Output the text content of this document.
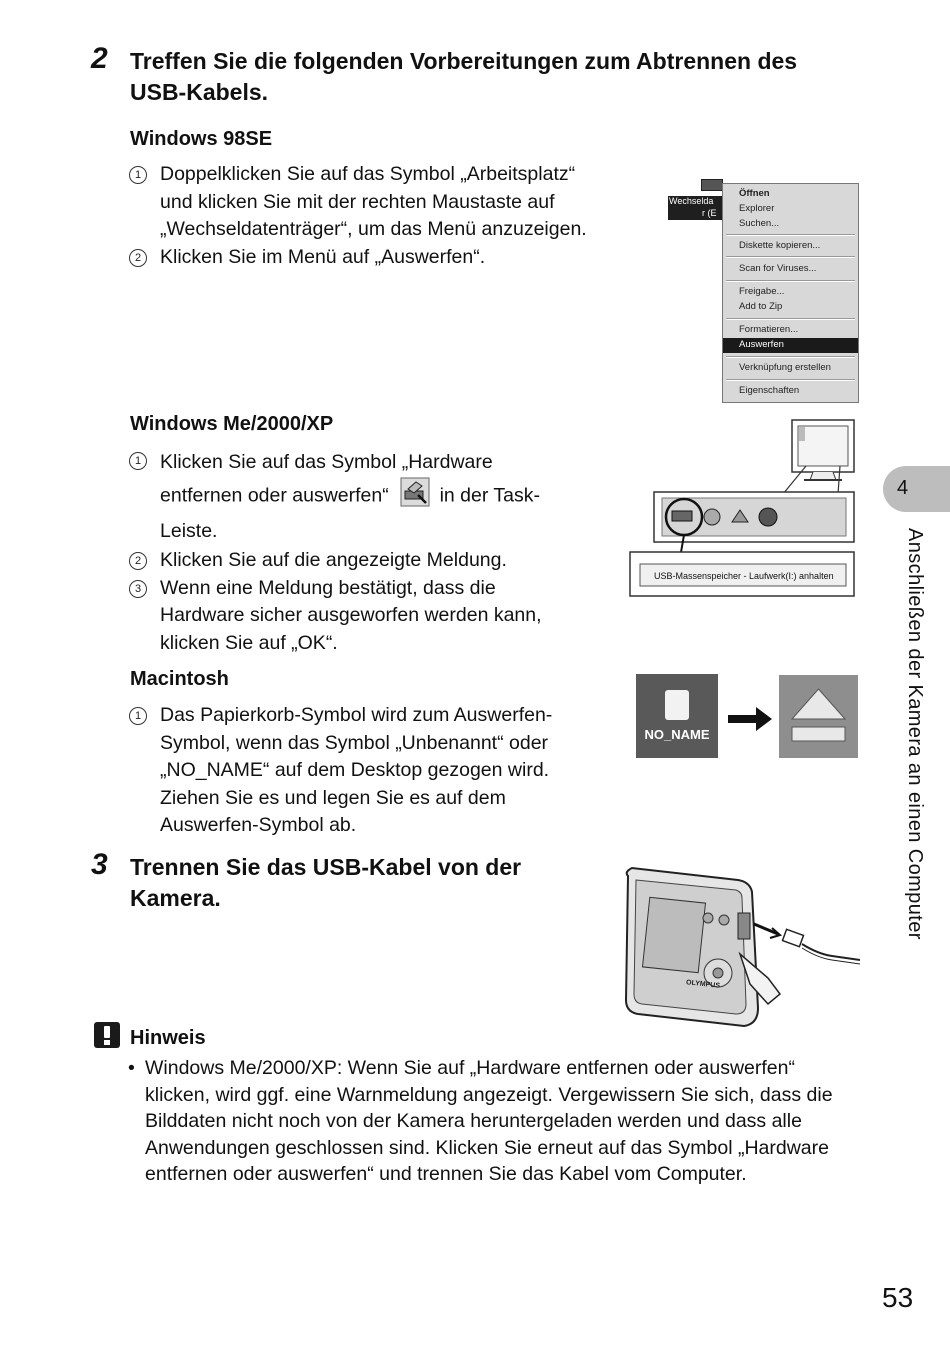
2 Treffen Sie die folgenden Vorbereitungen zum Abtrennen des
USB-Kabels.
Windows 98SE
1 Doppelklicken Sie auf das Symbol „Arbeitsplatz“
und klicken Sie mit der rechten Maustaste auf
„Wechseldatenträger“, um das Menü anzuzeigen.
2 Klicken Sie im Menü auf „Auswerfen“.
Wechselda
r (E
Öffnen
Explorer
Suchen...
Diskette kopieren...
Scan for Viruses...
Freigabe...
Add to Zip
Formatieren...
Auswerfen
Verknüpfung erstellen
Eigenschaften
Windows Me/2000/XP
1 Klicken Sie auf das Symbol „Hardware
entfernen oder auswerfen“	in der Task-
Leiste.
2 Klicken Sie auf die angezeigte Meldung.
3 Wenn eine Meldung bestätigt, dass die
Hardware sicher ausgeworfen werden kann,
klicken Sie auf „OK“.
USB-Massenspeicher - Laufwerk(I:) anhalten
Macintosh
1 Das Papierkorb-Symbol wird zum Auswerfen-
Symbol, wenn das Symbol „Unbenannt“ oder
„NO_NAME“ auf dem Desktop gezogen wird.
Ziehen Sie es und legen Sie es auf dem
Auswerfen-Symbol ab.
NO_NAME
3 Trennen Sie das USB-Kabel von der
Kamera.
OLYMPUS
Hinweis
• Windows Me/2000/XP: Wenn Sie auf „Hardware entfernen oder auswerfen“
klicken, wird ggf. eine Warnmeldung angezeigt. Vergewissern Sie sich, dass die
Bilddaten nicht noch von der Kamera heruntergeladen werden und dass alle
Anwendungen geschlossen sind. Klicken Sie erneut auf das Symbol „Hardware
entfernen oder auswerfen“ und trennen Sie das Kabel vom Computer.
4
Anschließen der Kamera an einen Computer
53
